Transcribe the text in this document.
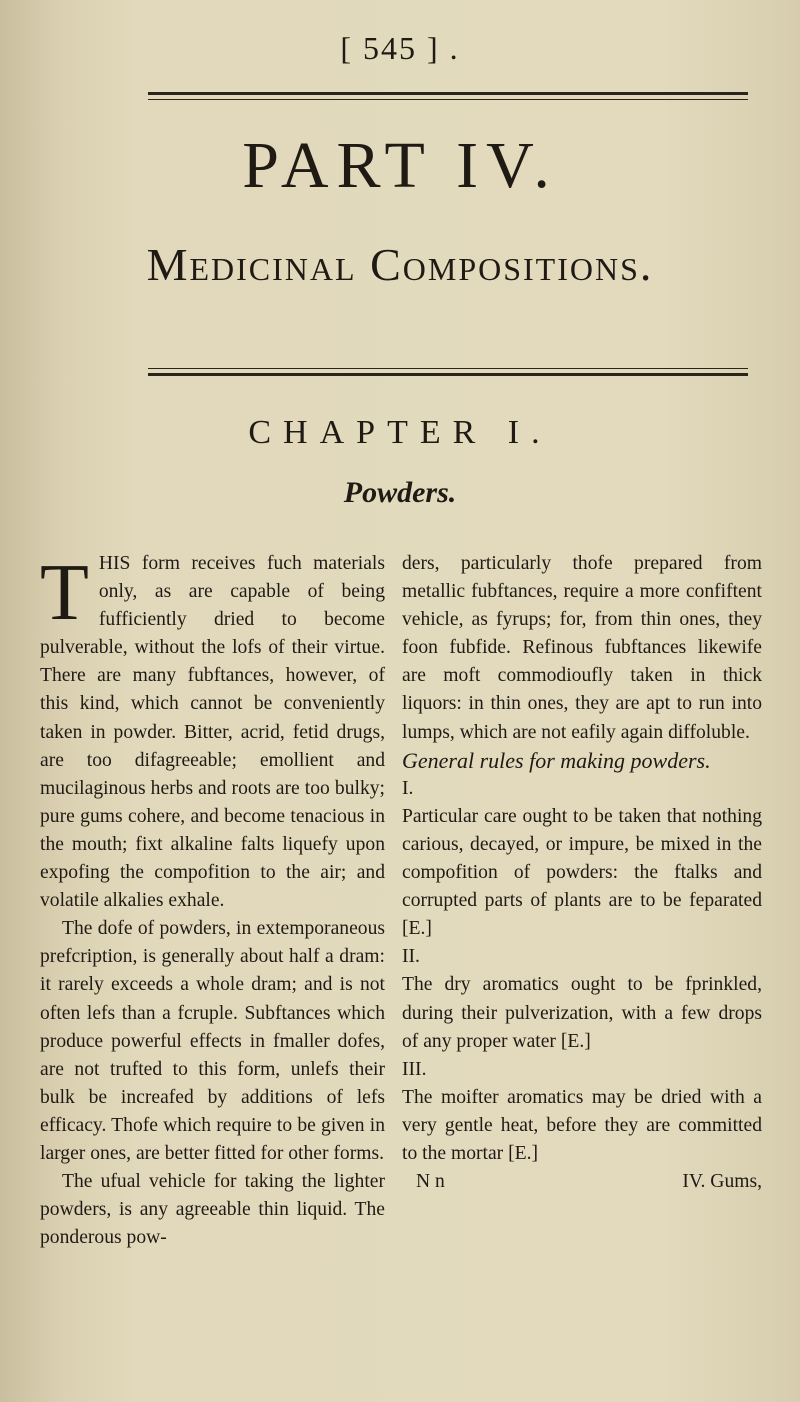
[ 545 ] .
PART IV.
Medicinal Compositions.
CHAPTER I.
Powders.

THIS form receives fuch materials only, as are capable of being fufficiently dried to become pulverable, without the lofs of their virtue. There are many fubftances, however, of this kind, which cannot be conveniently taken in powder. Bitter, acrid, fetid drugs, are too difagreeable; emollient and mucilaginous herbs and roots are too bulky; pure gums cohere, and become tenacious in the mouth; fixt alkaline falts liquefy upon expofing the compofition to the air; and volatile alkalies exhale.

The dofe of powders, in extemporaneous prefcription, is generally about half a dram: it rarely exceeds a whole dram; and is not often lefs than a fcruple. Subftances which produce powerful effects in fmaller dofes, are not trufted to this form, unlefs their bulk be increafed by additions of lefs efficacy. Thofe which require to be given in larger ones, are better fitted for other forms.

The ufual vehicle for taking the lighter powders, is any agreeable thin liquid. The ponderous pow-

ders, particularly thofe prepared from metallic fubftances, require a more confiftent vehicle, as fyrups; for, from thin ones, they foon fubfide. Refinous fubftances likewife are moft commodioufly taken in thick liquors: in thin ones, they are apt to run into lumps, which are not eafily again diffoluble.

General rules for making powders.

I.

Particular care ought to be taken that nothing carious, decayed, or impure, be mixed in the compofition of powders: the ftalks and corrupted parts of plants are to be feparated [E.]

II.

The dry aromatics ought to be fprinkled, during their pulverization, with a few drops of any proper water [E.]

III.

The moifter aromatics may be dried with a very gentle heat, before they are committed to the mortar [E.]

N n	IV. Gums,
